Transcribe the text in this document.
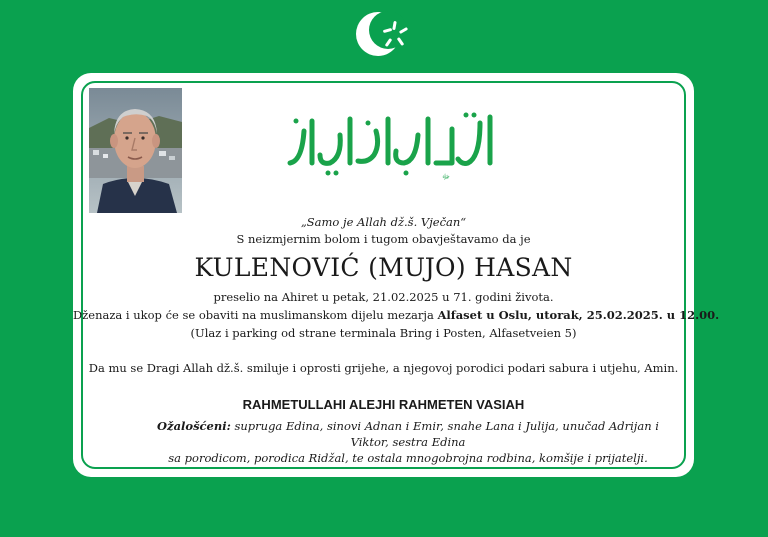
ﷻ
„Samo je Allah dž.š. Vječan“
S neizmjernim bolom i tugom obavještavamo da je
KULENOVIĆ (MUJO) HASAN
preselio na Ahiret u petak, 21.02.2025 u 71. godini života.
Dženaza i ukop će se obaviti na muslimanskom dijelu mezarja Alfaset u Oslu, utorak, 25.02.2025. u 12.00.
(Ulaz i parking od strane terminala Bring i Posten, Alfasetveien 5)
Da mu se Dragi Allah dž.š. smiluje i oprosti grijehe, a njegovoj porodici podari sabura i utjehu, Amin.
RAHMETULLAHI ALEJHI RAHMETEN VASIAH
Ožalošćeni: supruga Edina, sinovi Adnan i Emir, snahe Lana i Julija, unučad Adrijan i Viktor, sestra Edina
sa porodicom, porodica Ridžal, te ostala mnogobrojna rodbina, komšije i prijatelji.
